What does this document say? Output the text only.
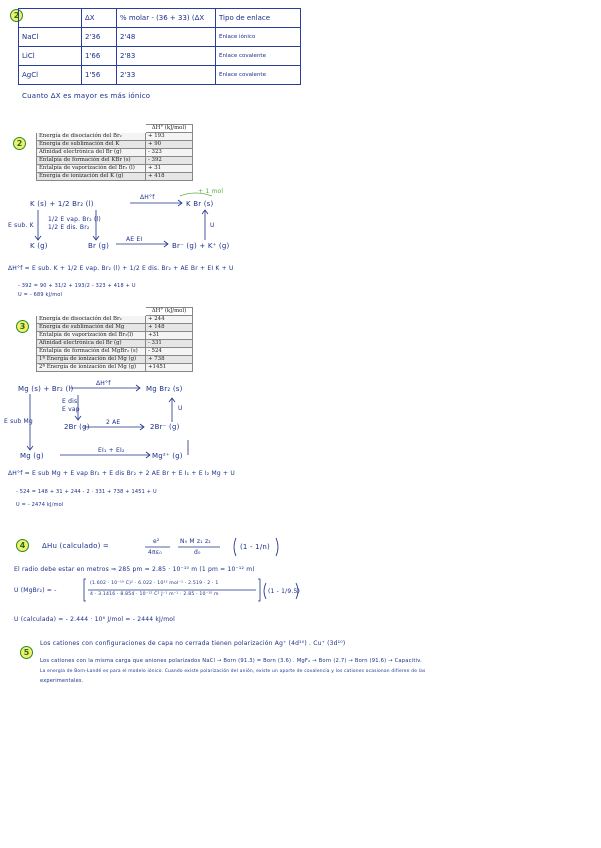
2
		ΔX	% molar - (36 + 33) (ΔX	Tipo de enlace
NaCl	2'36	2'48	Enlace iónico
LiCl	1'66	2'83	Enlace covalente
AgCl	1'56	2'33	Enlace covalente
Cuanto ΔX es mayor es más iónico
2
	ΔH° (kJ/mol)
Energía de disociación del Br₂	+ 193
Energía de sublimación del K	+ 90
Afinidad electrónica del Br (g)	- 323
Entalpía de formación del KBr (s)	- 392
Entalpía de vaporización del Br₂ (l)	+ 31
Energía de ionización del K (g)	+ 418
K (s) + 1/2 Br₂ (l)
ΔH°f
K Br (s)
+ 1 mol
U
E sub. K
1/2 E vap. Br₂ (l)
1/2 E dis. Br₂
K (g)	Br (g)
AE EI
Br⁻ (g) + K⁺ (g)
ΔH°f = E sub. K + 1/2 E vap. Br₂ (l) + 1/2 E dis. Br₂ + AE Br + EI K + U
- 392 = 90 + 31/2 + 193/2 - 323 + 418 + U
U = - 689 kJ/mol
3
	ΔH° (kJ/mol)
Energía de disociación del Br₂	+ 244
Energía de sublimación del Mg	+ 148
Entalpía de vaporización del Br₂(l)	+31
Afinidad electrónica del Br (g)	- 331
Entalpía de formación del MgBr₂ (s)	- 524
1ª Energía de ionización del Mg (g)	+ 738
2ª Energía de ionización del Mg (g)	+1451
Mg (s) + Br₂ (l)
ΔH°f
Mg Br₂ (s)
U
E sub Mg
E dis
E vap
2Br (g)
2 AE
2Br⁻ (g)
Mg (g)
EI₁ + EI₂
Mg²⁺ (g)
ΔH°f = E sub Mg + E vap Br₂ + E dis Br₂ + 2 AE Br + E I₁ + E I₂ Mg + U
- 524 = 148 + 31 + 244 - 2 · 331 + 738 + 1451 + U
U = - 2474 kJ/mol
4	ΔHu (calculado) =
e²
4πε₀
N₀ M z₁ z₂
d₀
(1 - 1/n)
El radio debe estar en metros ⇒ 285 pm = 2.85 · 10⁻¹⁰ m (1 pm = 10⁻¹² m)
U (MgBr₂) = -
(1.602 · 10⁻¹⁹ C)² · 6.022 · 10²³ mol⁻¹ · 2.519 · 2 · 1
4 · 3.1416 · 8.854 · 10⁻¹² C² J⁻¹ m⁻¹ · 2.85 · 10⁻¹⁰ m	(1 - 1/9.5)
U (calculada) = - 2.444 · 10⁶ J/mol = - 2444 kJ/mol
5
Los cationes con configuraciones de capa no cerrada tienen polarización Ag⁺ (4d¹⁰) . Cu⁺ (3d¹⁰)
Los cationes con la misma carga que aniones polarizados NaCl → Born (91.3) = Born (3.6) . MgF₂ → Born (2.7) → Born (91.6) → Capacitiv.
La energía de Born-Landé es para el modelo iónico. Cuando existe polarización del anión, existe un aporte de covalencia y los cationes ocasionan difieren de las
experimentales.
